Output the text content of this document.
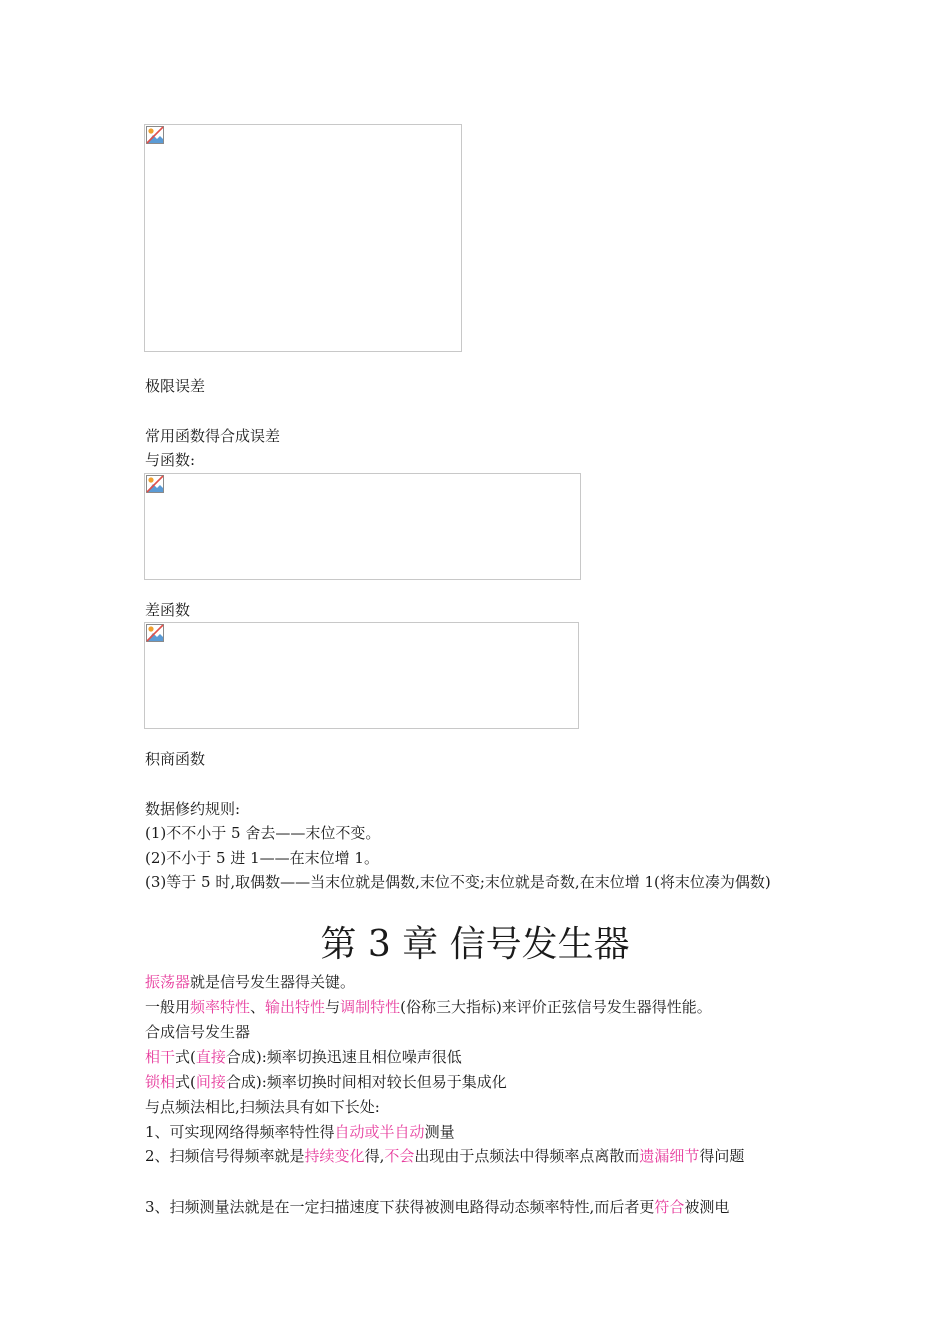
极限误差
常用函数得合成误差
与函数:
差函数
积商函数
数据修约规则:
(1)不不小于 5 舍去——末位不变。
(2)不小于 5 进 1——在末位增 1。
(3)等于 5 时,取偶数——当末位就是偶数,末位不变;末位就是奇数,在末位增 1(将末位凑为偶数)
第 3 章 信号发生器
振荡器就是信号发生器得关键。
一般用频率特性、输出特性与调制特性(俗称三大指标)来评价正弦信号发生器得性能。
合成信号发生器
相干式(直接合成):频率切换迅速且相位噪声很低
锁相式(间接合成):频率切换时间相对较长但易于集成化
与点频法相比,扫频法具有如下长处:
1、可实现网络得频率特性得自动或半自动测量
2、扫频信号得频率就是持续变化得,不会出现由于点频法中得频率点离散而遗漏细节得问题
3、扫频测量法就是在一定扫描速度下获得被测电路得动态频率特性,而后者更符合被测电
